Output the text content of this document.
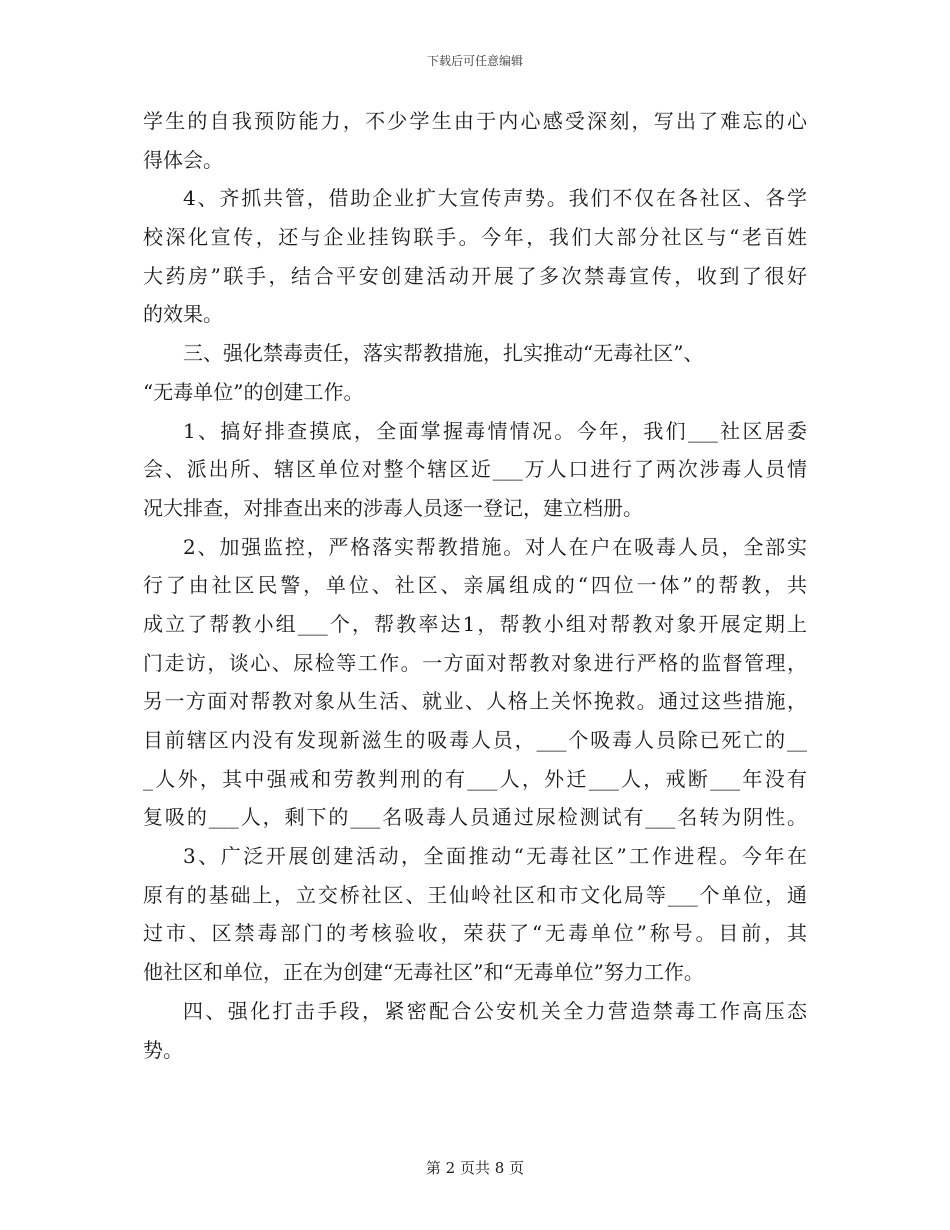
下载后可任意编辑
学生的自我预防能力，不少学生由于内心感受深刻，写出了难忘的心
得体会。
4、齐抓共管，借助企业扩大宣传声势。我们不仅在各社区、各学
校深化宣传，还与企业挂钩联手。今年，我们大部分社区与“老百姓
大药房”联手，结合平安创建活动开展了多次禁毒宣传，收到了很好
的效果。
三、强化禁毒责任，落实帮教措施，扎实推动“无毒社区”、
“无毒单位”的创建工作。
1、搞好排查摸底，全面掌握毒情情况。今年，我们___社区居委
会、派出所、辖区单位对整个辖区近___万人口进行了两次涉毒人员情
况大排查，对排查出来的涉毒人员逐一登记，建立档册。
2、加强监控，严格落实帮教措施。对人在户在吸毒人员，全部实
行了由社区民警，单位、社区、亲属组成的“四位一体”的帮教，共
成立了帮教小组___个，帮教率达1，帮教小组对帮教对象开展定期上
门走访，谈心、尿检等工作。一方面对帮教对象进行严格的监督管理，
另一方面对帮教对象从生活、就业、人格上关怀挽救。通过这些措施，
目前辖区内没有发现新滋生的吸毒人员，___个吸毒人员除已死亡的__
_人外，其中强戒和劳教判刑的有___人，外迁___人，戒断___年没有
复吸的___人，剩下的___名吸毒人员通过尿检测试有___名转为阴性。
3、广泛开展创建活动，全面推动“无毒社区”工作进程。今年在
原有的基础上，立交桥社区、王仙岭社区和市文化局等___个单位，通
过市、区禁毒部门的考核验收，荣获了“无毒单位”称号。目前，其
他社区和单位，正在为创建“无毒社区”和“无毒单位”努力工作。
四、强化打击手段，紧密配合公安机关全力营造禁毒工作高压态
势。
第 2 页共 8 页
